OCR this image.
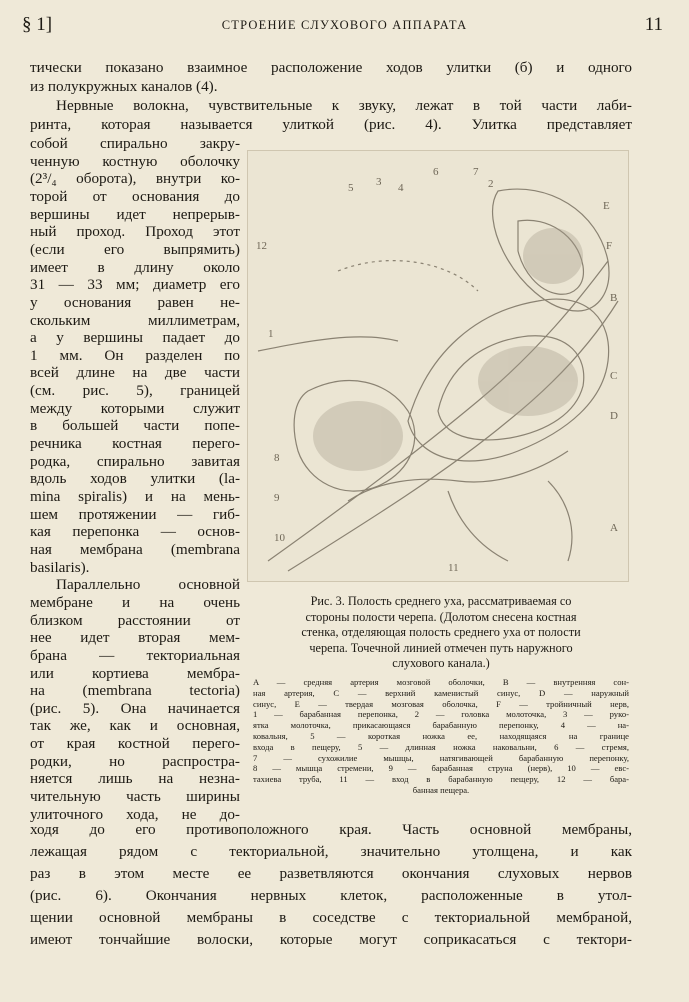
§ 1]	СТРОЕНИЕ СЛУХОВОГО АППАРАТА	11
тически показано взаимное расположение ходов улитки (б) и одного
из полукружных каналов (4).
Нервные волокна, чувствительные к звуку, лежат в той части лаби-
ринта, которая называется улиткой (рис. 4). Улитка представляет
собой спирально закру-
ченную костную оболочку
(2³/₄ оборота), внутри ко-
торой от основания до
вершины идет непрерыв-
ный проход. Проход этот
(если его выпрямить)
имеет в длину около
31 — 33 мм; диаметр его
у основания равен не-
скольким миллиметрам,
а у вершины падает до
1 мм. Он разделен по
всей длине на две части
(см. рис. 5), границей
между которыми служит
в большей части попе-
речника костная перего-
родка, спирально завитая
вдоль ходов улитки (la-
mina spiralis) и на мень-
шем протяжении — гиб-
кая перепонка — основ-
ная мембрана (membrana
basilaris).
Параллельно основной
мембране и на очень
близком расстоянии от
нее идет вторая мем-
брана — текториальная
или кортиева мембра-
на (membrana tectoria)
(рис. 5). Она начинается
так же, как и основная,
от края костной перего-
родки, но распростра-
няется лишь на незна-
чительную часть ширины
улиточного хода, не до-
12
1
3
6	7
E
F
B
C
D
A
4
5
8
9
10
11
2
Рис. 3. Полость среднего уха, рассматриваемая со
стороны полости черепа. (Долотом снесена костная
стенка, отделяющая полость среднего уха от полости
черепа. Точечной линией отмечен путь наружного
слухового канала.)
A — средняя артерия мозговой оболочки, B — внутренняя сон-
ная артерия, C — верхний каменистый синус, D — наружный
синус, E — твердая мозговая оболочка, F — тройничный нерв,
1 — барабанная перепонка, 2 — головка молоточка, 3 — руко-
ятка молоточка, прикасающаяся барабанную перепонку, 4 — на-
ковальня, 5 — короткая ножка ее, находящаяся на границе
входа в пещеру, 5 — длинная ножка наковальни, 6 — стремя,
7 — сухожилие мышцы, натягивающей барабанную перепонку,
8 — мышца стремени, 9 — барабанная струна (нерв), 10 — евс-
тахиева труба, 11 — вход в барабанную пещеру, 12 — бара-
банная пещера.
ходя до его противоположного края. Часть основной мембраны,
лежащая рядом с текториальной, значительно утолщена, и как
раз в этом месте ее разветвляются окончания слуховых нервов
(рис. 6). Окончания нервных клеток, расположенные в утол-
щении основной мембраны в соседстве с текториальной мембраной,
имеют тончайшие волоски, которые могут соприкасаться с тектори-
